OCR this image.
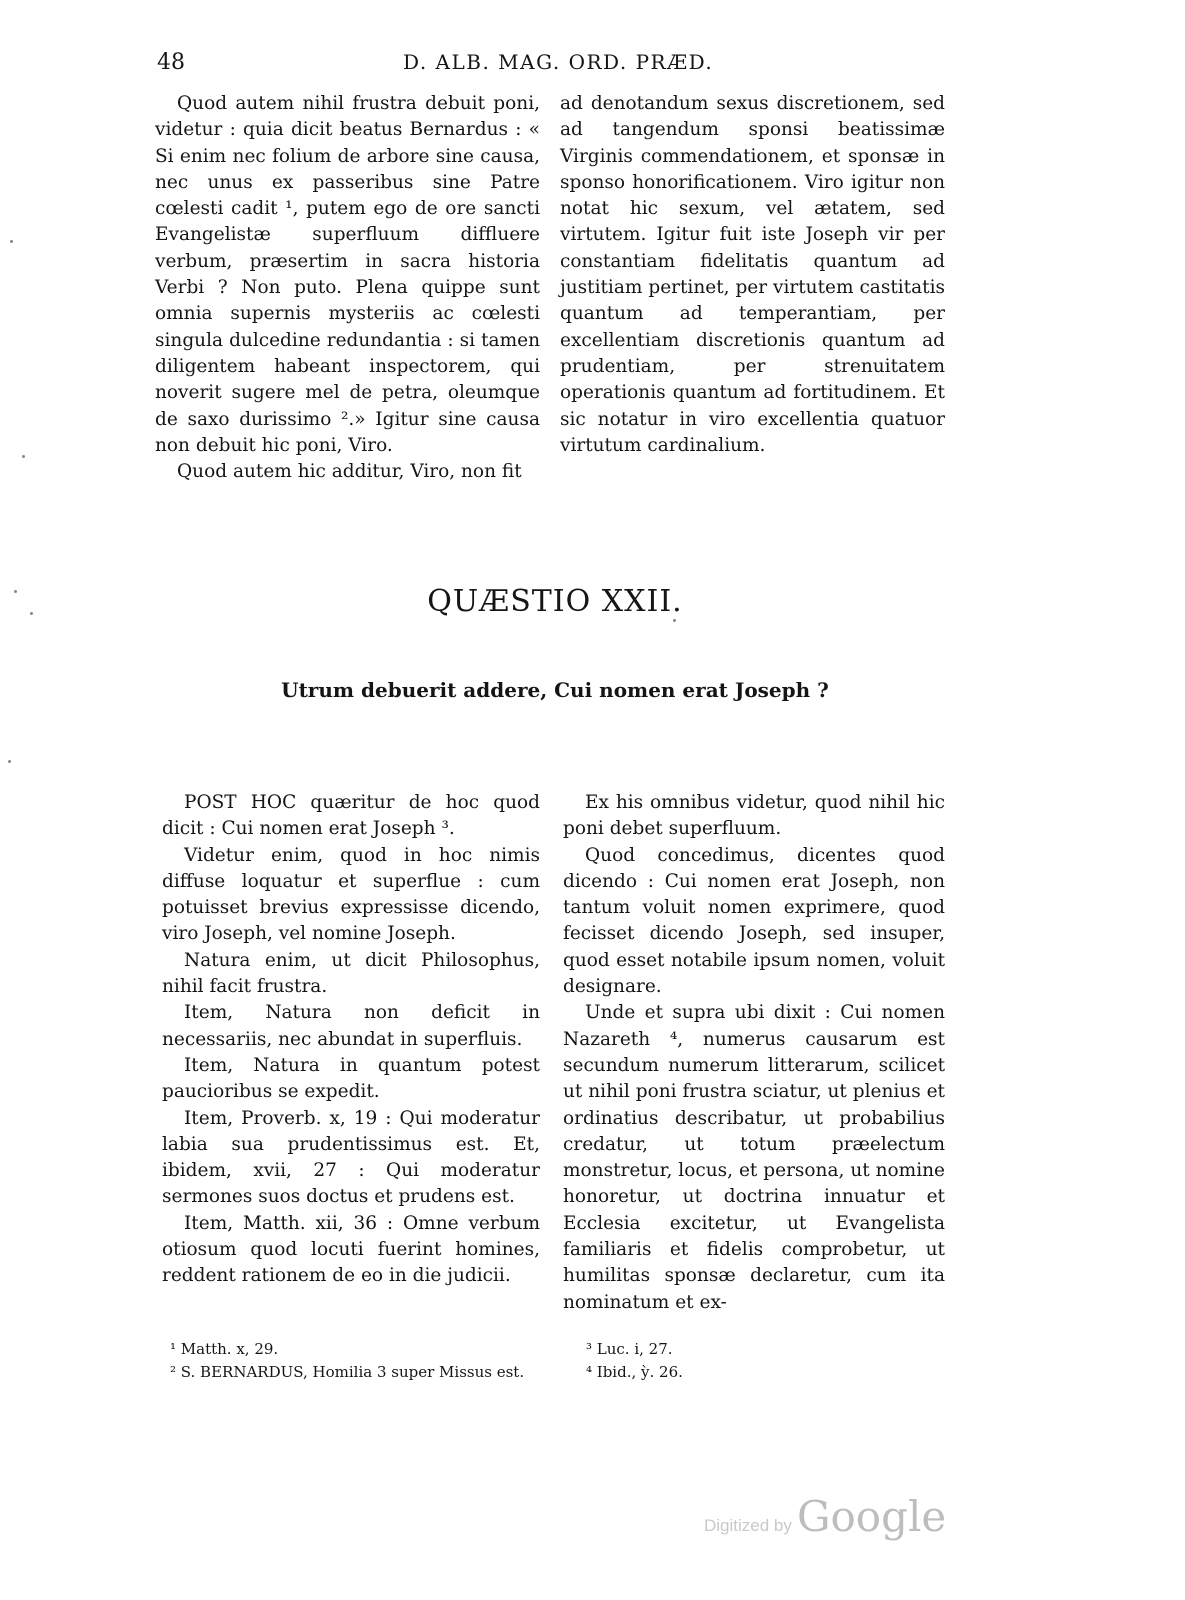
48	D. ALB. MAG. ORD. PRÆD.

Quod autem nihil frustra debuit poni, videtur : quia dicit beatus Bernardus : « Si enim nec folium de arbore sine causa, nec unus ex passeribus sine Patre cœlesti cadit ¹, putem ego de ore sancti Evangelistæ superfluum diffluere verbum, præsertim in sacra historia Verbi ? Non puto. Plena quippe sunt omnia supernis mysteriis ac cœlesti singula dulcedine redundantia : si tamen diligentem habeant inspectorem, qui noverit sugere mel de petra, oleumque de saxo durissimo ².» Igitur sine causa non debuit hic poni, Viro.

Quod autem hic additur, Viro, non fit

ad denotandum sexus discretionem, sed ad tangendum sponsi beatissimæ Virginis commendationem, et sponsæ in sponso honorificationem. Viro igitur non notat hic sexum, vel ætatem, sed virtutem. Igitur fuit iste Joseph vir per constantiam fidelitatis quantum ad justitiam pertinet, per virtutem castitatis quantum ad temperantiam, per excellentiam discretionis quantum ad prudentiam, per strenuitatem operationis quantum ad fortitudinem. Et sic notatur in viro excellentia quatuor virtutum cardinalium.

QUÆSTIO XXII.
Utrum debuerit addere, Cui nomen erat Joseph ?

POST HOC quæritur de hoc quod dicit : Cui nomen erat Joseph ³.

Videtur enim, quod in hoc nimis diffuse loquatur et superflue : cum potuisset brevius expressisse dicendo, viro Joseph, vel nomine Joseph.

Natura enim, ut dicit Philosophus, nihil facit frustra.

Item, Natura non deficit in necessariis, nec abundat in superfluis.

Item, Natura in quantum potest paucioribus se expedit.

Item, Proverb. x, 19 : Qui moderatur labia sua prudentissimus est. Et, ibidem, xvii, 27 : Qui moderatur sermones suos doctus et prudens est.

Item, Matth. xii, 36 : Omne verbum otiosum quod locuti fuerint homines, reddent rationem de eo in die judicii.

Ex his omnibus videtur, quod nihil hic poni debet superfluum.

Quod concedimus, dicentes quod dicendo : Cui nomen erat Joseph, non tantum voluit nomen exprimere, quod fecisset dicendo Joseph, sed insuper, quod esset notabile ipsum nomen, voluit designare.

Unde et supra ubi dixit : Cui nomen Nazareth ⁴, numerus causarum est secundum numerum litterarum, scilicet ut nihil poni frustra sciatur, ut plenius et ordinatius describatur, ut probabilius credatur, ut totum præelectum monstretur, locus, et persona, ut nomine honoretur, ut doctrina innuatur et Ecclesia excitetur, ut Evangelista familiaris et fidelis comprobetur, ut humilitas sponsæ declaretur, cum ita nominatum et ex-

¹ Matth. x, 29.
² S. BERNARDUS, Homilia 3 super Missus est.
³ Luc. i, 27.
⁴ Ibid., ỳ. 26.
Digitized by Google
